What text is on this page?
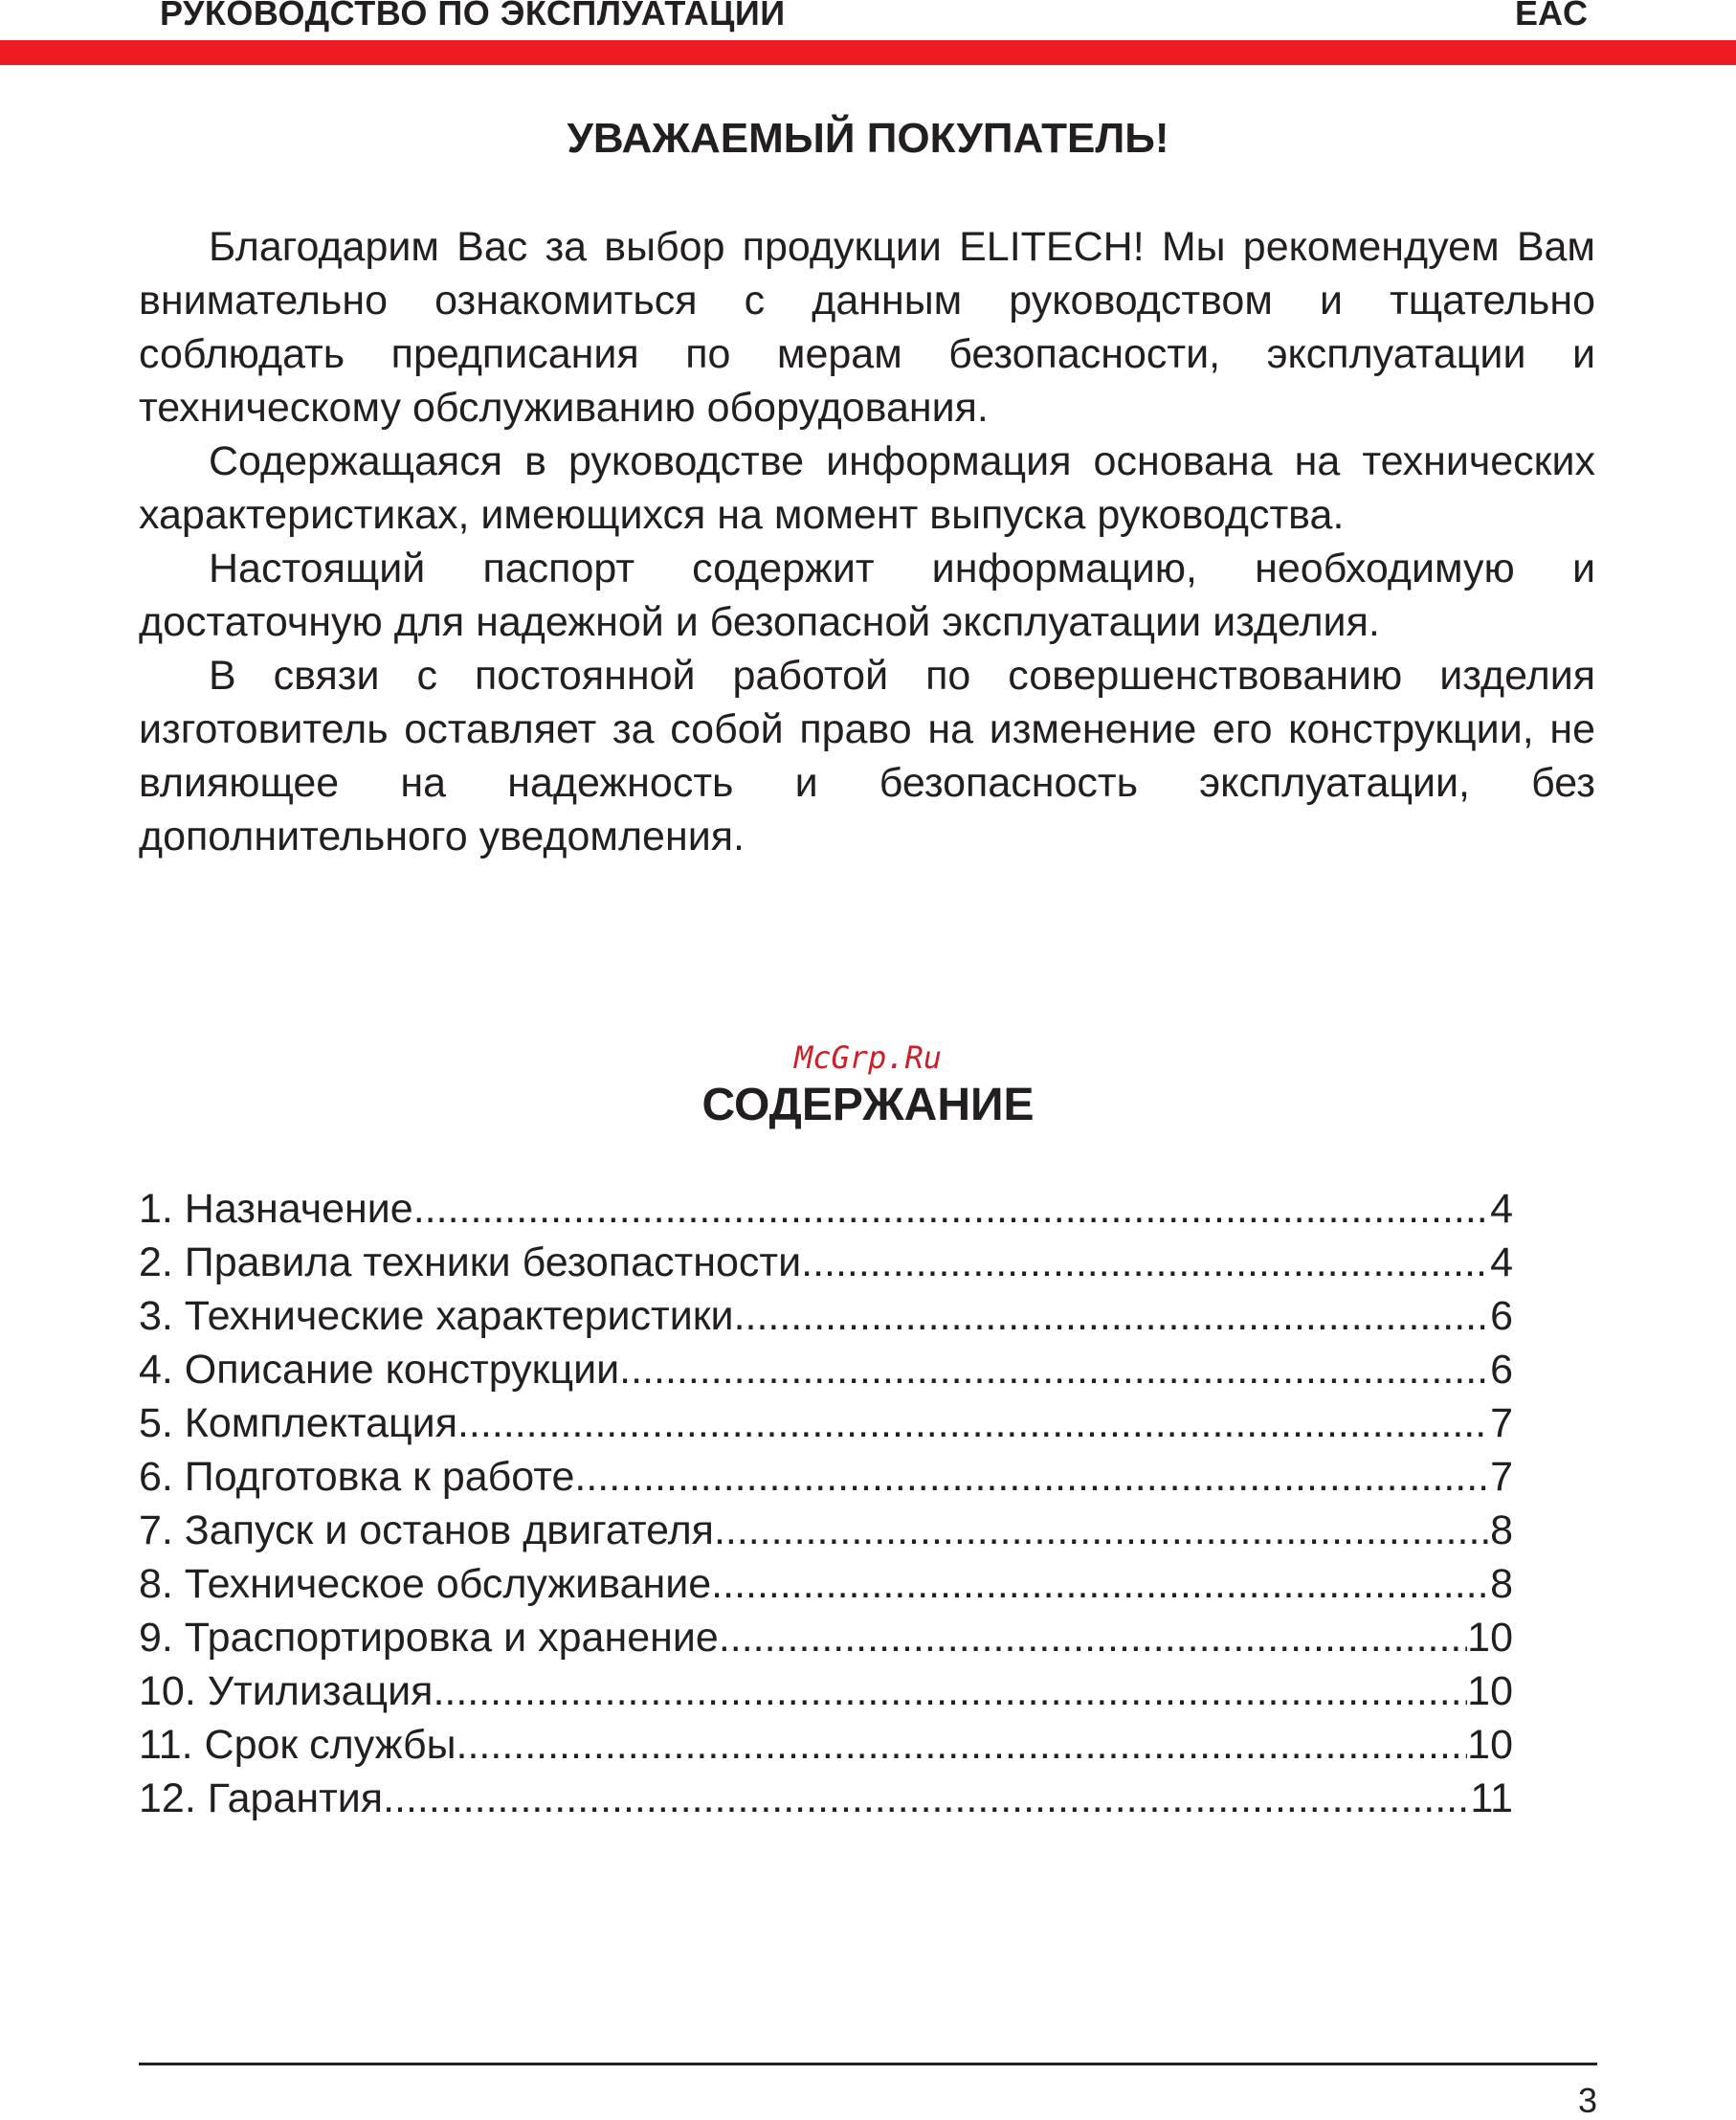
РУКОВОДСТВО ПО ЭКСПЛУАТАЦИИ	EAC
УВАЖАЕМЫЙ ПОКУПАТЕЛЬ!

Благодарим Вас за выбор продукции ELITECH! Мы рекомендуем Вам внимательно ознакомиться с данным руководством и тщательно соблюдать предписания по мерам безопасности, эксплуатации и техническому обслуживанию оборудования.

Содержащаяся в руководстве информация основана на технических характеристиках, имеющихся на момент выпуска руководства.

Настоящий паспорт содержит информацию, необходимую и достаточную для надежной и безопасной эксплуатации изделия.

В связи с постоянной работой по совершенствованию изделия изготовитель оставляет за собой право на изменение его конструкции, не влияющее на надежность и безопасность эксплуатации, без дополнительного уведомления.

McGrp.Ru
СОДЕРЖАНИЕ
1. Назначение .....	4
2. Правила техники безопастности .....	4
3. Технические характеристики .....	6
4. Описание конструкции .....	6
5. Комплектация .....	7
6. Подготовка к работе .....	7
7. Запуск и останов двигателя .....	8
8. Техническое обслуживание .....	8
9. Траспортировка и хранение .....	10
10. Утилизация .....	10
11. Срок службы .....	10
12. Гарантия .....	11
3
